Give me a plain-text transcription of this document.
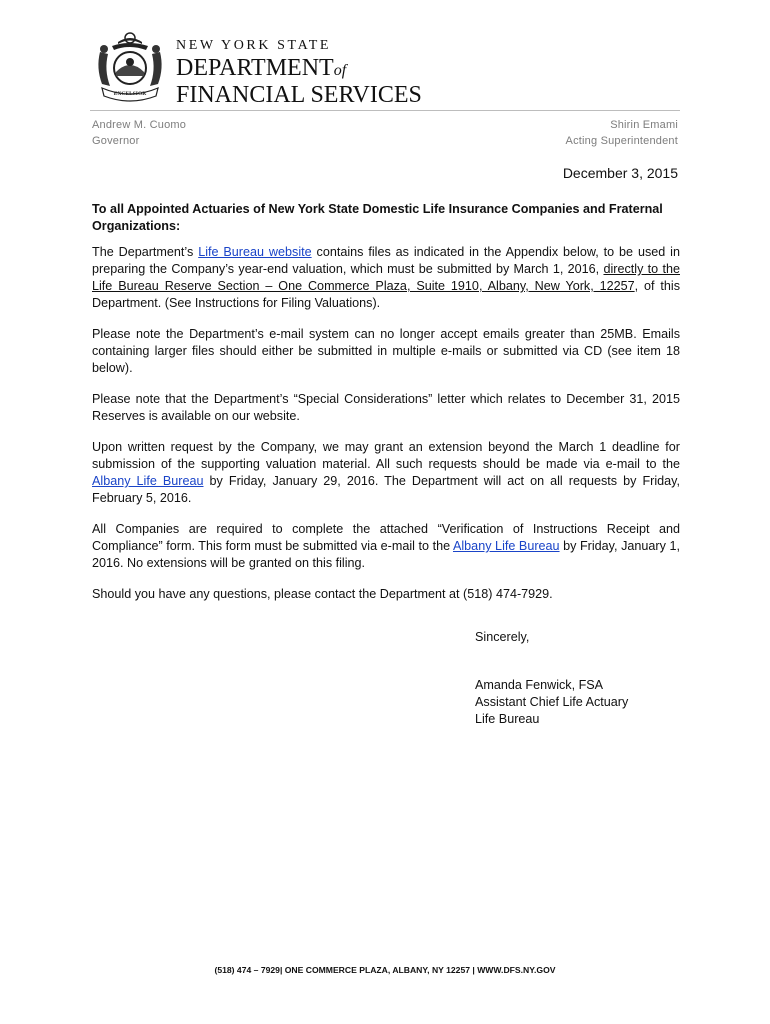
EXCELSIOR
NEW YORK STATE
DEPARTMENTof
FINANCIAL SERVICES
Andrew M. Cuomo
Governor
Shirin Emami
Acting Superintendent
December 3, 2015

To all Appointed Actuaries of New York State Domestic Life Insurance Companies and Fraternal Organizations:

The Department’s Life Bureau website contains files as indicated in the Appendix below, to be used in preparing the Company’s year-end valuation, which must be submitted by March 1, 2016, directly to the Life Bureau Reserve Section – One Commerce Plaza, Suite 1910, Albany, New York, 12257, of this Department. (See Instructions for Filing Valuations).

Please note the Department’s e-mail system can no longer accept emails greater than 25MB. Emails containing larger files should either be submitted in multiple e-mails or submitted via CD (see item 18 below).

Please note that the Department’s “Special Considerations” letter which relates to December 31, 2015 Reserves is available on our website.

Upon written request by the Company, we may grant an extension beyond the March 1 deadline for submission of the supporting valuation material. All such requests should be made via e-mail to the Albany Life Bureau by Friday, January 29, 2016. The Department will act on all requests by Friday, February 5, 2016.

All Companies are required to complete the attached “Verification of Instructions Receipt and Compliance” form. This form must be submitted via e-mail to the Albany Life Bureau by Friday, January 1, 2016. No extensions will be granted on this filing.

Should you have any questions, please contact the Department at (518) 474-7929.

Sincerely,
Amanda Fenwick, FSA
Assistant Chief Life Actuary
Life Bureau
(518) 474 – 7929| ONE COMMERCE PLAZA, ALBANY, NY 12257 | WWW.DFS.NY.GOV
